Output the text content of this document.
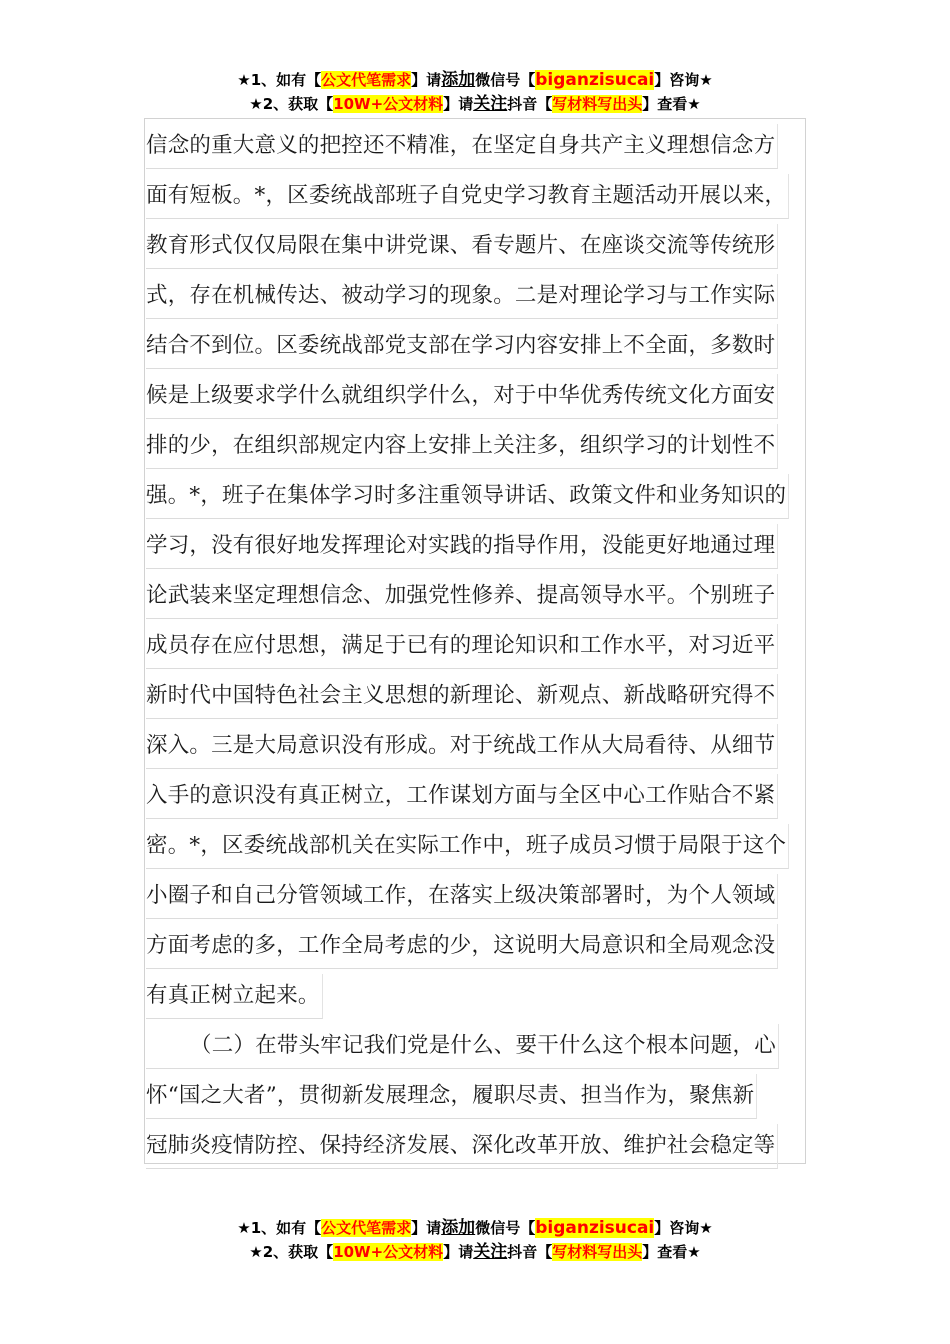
★1、如有【公文代笔需求】请添加微信号【biganzisucai】咨询★
★2、获取【10W+公文材料】请关注抖音【写材料写出头】查看★
信念的重大意义的把控还不精准，在坚定自身共产主义理想信念方
面有短板。*，区委统战部班子自党史学习教育主题活动开展以来，
教育形式仅仅局限在集中讲党课、看专题片、在座谈交流等传统形
式，存在机械传达、被动学习的现象。二是对理论学习与工作实际
结合不到位。区委统战部党支部在学习内容安排上不全面，多数时
候是上级要求学什么就组织学什么，对于中华优秀传统文化方面安
排的少，在组织部规定内容上安排上关注多，组织学习的计划性不
强。*，班子在集体学习时多注重领导讲话、政策文件和业务知识的
学习，没有很好地发挥理论对实践的指导作用，没能更好地通过理
论武装来坚定理想信念、加强党性修养、提高领导水平。个别班子
成员存在应付思想，满足于已有的理论知识和工作水平，对习近平
新时代中国特色社会主义思想的新理论、新观点、新战略研究得不
深入。三是大局意识没有形成。对于统战工作从大局看待、从细节
入手的意识没有真正树立，工作谋划方面与全区中心工作贴合不紧
密。*，区委统战部机关在实际工作中，班子成员习惯于局限于这个
小圈子和自己分管领域工作，在落实上级决策部署时，为个人领域
方面考虑的多，工作全局考虑的少，这说明大局意识和全局观念没
有真正树立起来。
（二）在带头牢记我们党是什么、要干什么这个根本问题，心
怀“国之大者”，贯彻新发展理念，履职尽责、担当作为，聚焦新
冠肺炎疫情防控、保持经济发展、深化改革开放、维护社会稳定等
★1、如有【公文代笔需求】请添加微信号【biganzisucai】咨询★
★2、获取【10W+公文材料】请关注抖音【写材料写出头】查看★
